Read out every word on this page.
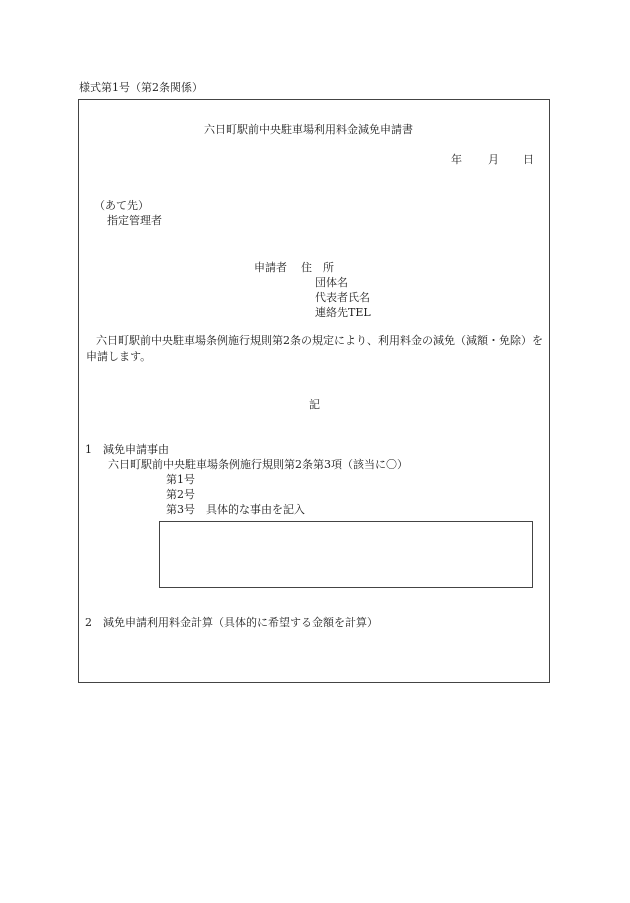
様式第1号（第2条関係）
六日町駅前中央駐車場利用料金減免申請書
年 月 日
（あて先）
指定管理者
申請者 住　所
団体名
代表者氏名
連絡先TEL
六日町駅前中央駐車場条例施行規則第2条の規定により、利用料金の減免（減額・免除）を申請します。
記
1　減免申請事由
六日町駅前中央駐車場条例施行規則第2条第3項（該当に〇）
第1号
第2号
第3号　具体的な事由を記入
2　減免申請利用料金計算（具体的に希望する金額を計算）
